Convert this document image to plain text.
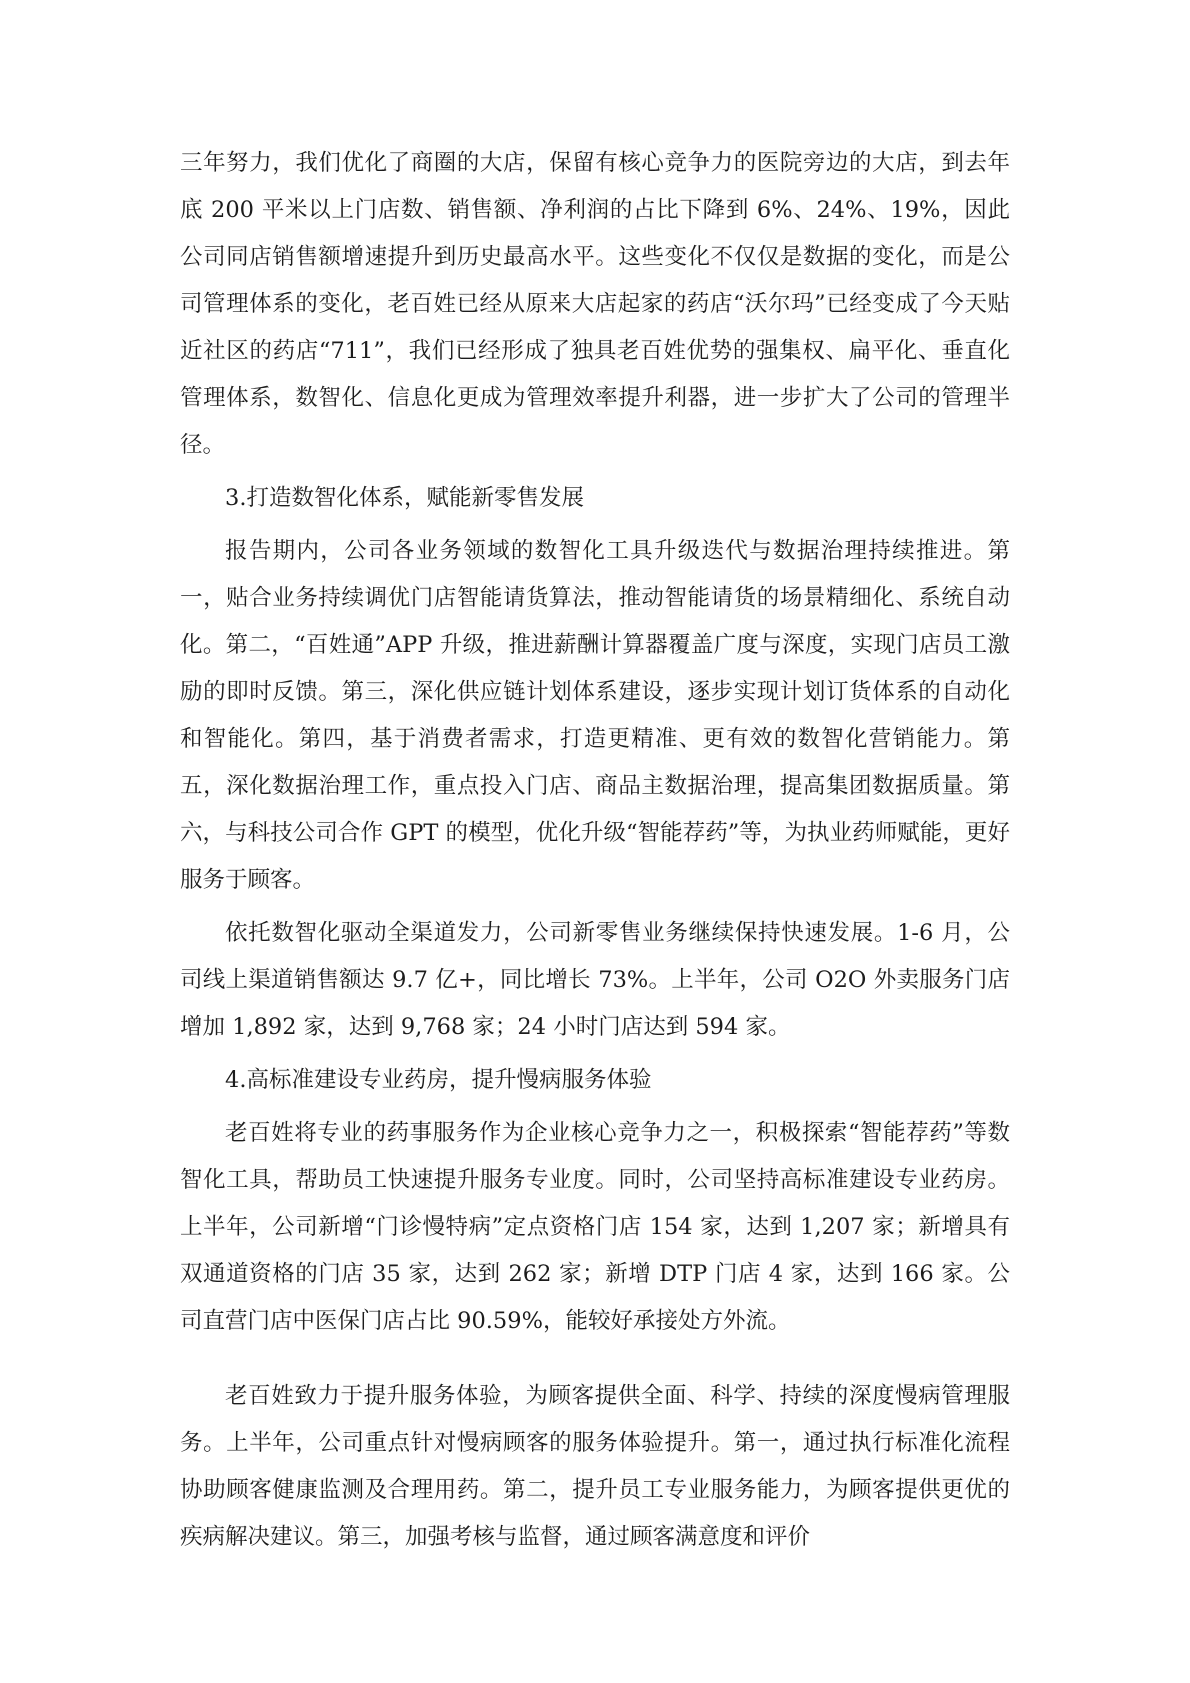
三年努力，我们优化了商圈的大店，保留有核心竞争力的医院旁边的大店，到去年底 200 平米以上门店数、销售额、净利润的占比下降到 6%、24%、19%，因此公司同店销售额增速提升到历史最高水平。这些变化不仅仅是数据的变化，而是公司管理体系的变化，老百姓已经从原来大店起家的药店“沃尔玛”已经变成了今天贴近社区的药店“711”，我们已经形成了独具老百姓优势的强集权、扁平化、垂直化管理体系，数智化、信息化更成为管理效率提升利器，进一步扩大了公司的管理半径。

3.打造数智化体系，赋能新零售发展

报告期内，公司各业务领域的数智化工具升级迭代与数据治理持续推进。第一，贴合业务持续调优门店智能请货算法，推动智能请货的场景精细化、系统自动化。第二，“百姓通”APP 升级，推进薪酬计算器覆盖广度与深度，实现门店员工激励的即时反馈。第三，深化供应链计划体系建设，逐步实现计划订货体系的自动化和智能化。第四，基于消费者需求，打造更精准、更有效的数智化营销能力。第五，深化数据治理工作，重点投入门店、商品主数据治理，提高集团数据质量。第六，与科技公司合作 GPT 的模型，优化升级“智能荐药”等，为执业药师赋能，更好服务于顾客。

依托数智化驱动全渠道发力，公司新零售业务继续保持快速发展。1-6 月，公司线上渠道销售额达 9.7 亿+，同比增长 73%。上半年，公司 O2O 外卖服务门店增加 1,892 家，达到 9,768 家；24 小时门店达到 594 家。

4.高标准建设专业药房，提升慢病服务体验

老百姓将专业的药事服务作为企业核心竞争力之一，积极探索“智能荐药”等数智化工具，帮助员工快速提升服务专业度。同时，公司坚持高标准建设专业药房。上半年，公司新增“门诊慢特病”定点资格门店 154 家，达到 1,207 家；新增具有双通道资格的门店 35 家，达到 262 家；新增 DTP 门店 4 家，达到 166 家。公司直营门店中医保门店占比 90.59%，能较好承接处方外流。

老百姓致力于提升服务体验，为顾客提供全面、科学、持续的深度慢病管理服务。上半年，公司重点针对慢病顾客的服务体验提升。第一，通过执行标准化流程协助顾客健康监测及合理用药。第二，提升员工专业服务能力，为顾客提供更优的疾病解决建议。第三，加强考核与监督，通过顾客满意度和评价
